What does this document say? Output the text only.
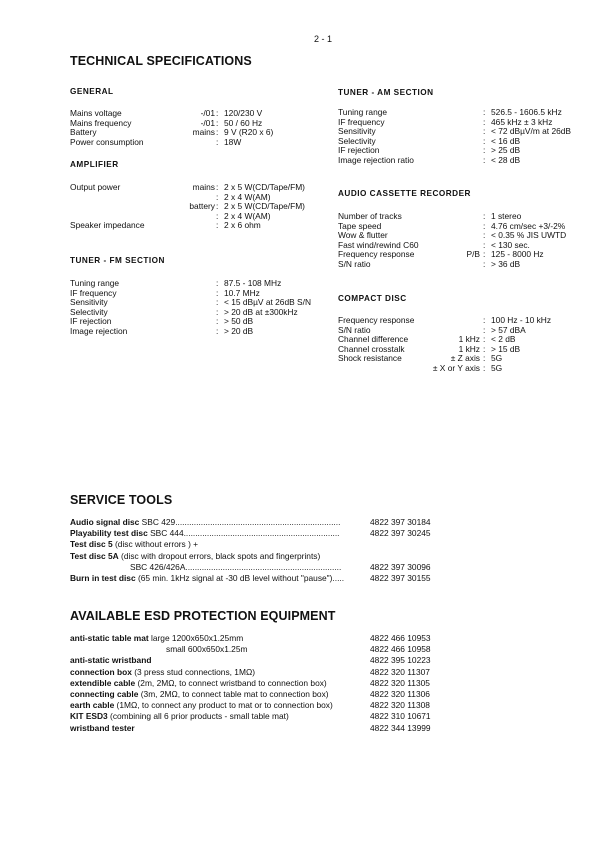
2 - 1
TECHNICAL SPECIFICATIONS
GENERAL
Mains voltage	-/01 : 120/230 V
Mains frequency	-/01 : 50 / 60 Hz
Battery	mains : 9 V (R20 x 6)
Power consumption	: 18W
AMPLIFIER
Output power	mains : 2 x 5 W(CD/Tape/FM)
: 2 x 4 W(AM)
battery : 2 x 5 W(CD/Tape/FM)
: 2 x 4 W(AM)
Speaker impedance	: 2 x 6 ohm
TUNER - FM SECTION
Tuning range	: 87.5 - 108 MHz
IF frequency	: 10.7 MHz
Sensitivity	: < 15 dBµV at 26dB S/N
Selectivity	: > 20 dB at ±300kHz
IF rejection	: > 50 dB
Image rejection	: > 20 dB
TUNER - AM SECTION
Tuning range	: 526.5 - 1606.5 kHz
IF frequency	: 465 kHz ± 3 kHz
Sensitivity	: < 72 dBµV/m at 26dB
Selectivity	: < 16 dB
IF rejection	: > 25 dB
Image rejection ratio	: < 28 dB
AUDIO CASSETTE RECORDER
Number of tracks	: 1 stereo
Tape speed	: 4.76 cm/sec +3/-2%
Wow & flutter	: < 0.35 % JIS UWTD
Fast wind/rewind C60	: < 130 sec.
Frequency response	P/B : 125 - 8000 Hz
S/N ratio	: > 36 dB
COMPACT DISC
Frequency response	: 100 Hz - 10 kHz
S/N ratio	: > 57 dBA
Channel difference	1 kHz : < 2 dB
Channel crosstalk	1 kHz : > 15 dB
Shock resistance	± Z axis : 5G
± X or Y axis : 5G
SERVICE TOOLS
Audio signal disc SBC 429.......................................................................	4822 397 30184
Playability test disc SBC 444...................................................................	4822 397 30245
Test disc 5 (disc without errors ) +
Test disc 5A (disc with dropout errors, black spots and fingerprints)
SBC 426/426A...................................................................	4822 397 30096
Burn in test disc (65 min. 1kHz signal at -30 dB level without "pause").....	4822 397 30155
AVAILABLE ESD PROTECTION EQUIPMENT
anti-static table mat large 1200x650x1.25mm	4822 466 10953
small 600x650x1.25m	4822 466 10958
anti-static wristband	4822 395 10223
connection box (3 press stud connections, 1MΩ)	4822 320 11307
extendible cable (2m, 2MΩ, to connect wristband to connection box)	4822 320 11305
connecting cable (3m, 2MΩ, to connect table mat to connection box)	4822 320 11306
earth cable (1MΩ, to connect any product to mat or to connection box)	4822 320 11308
KIT ESD3 (combining all 6 prior products - small table mat)	4822 310 10671
wristband tester	4822 344 13999
